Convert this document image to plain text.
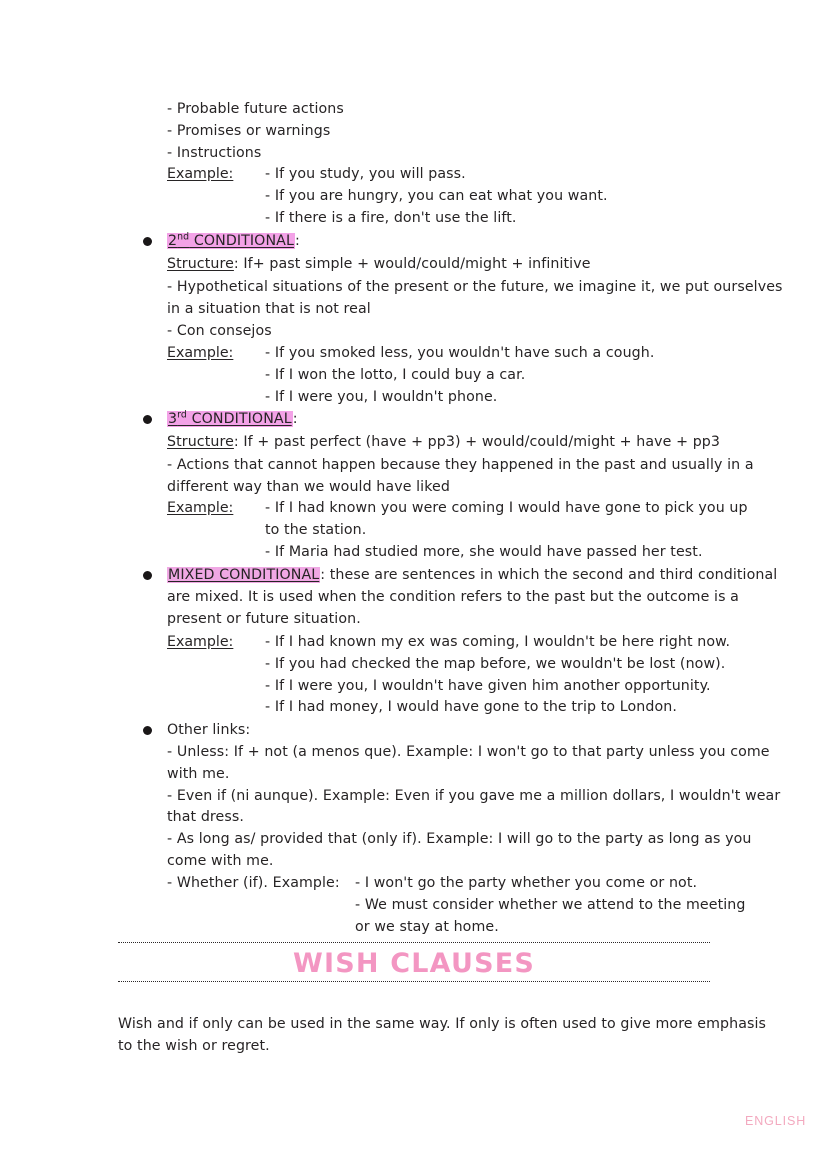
- Probable future actions
- Promises or warnings
- Instructions
Example: - If you study, you will pass.
- If you are hungry, you can eat what you want.
- If there is a fire, don't use the lift.
2nd CONDITIONAL:
Structure: If+ past simple + would/could/might + infinitive
- Hypothetical situations of the present or the future, we imagine it, we put ourselves
in a situation that is not real
- Con consejos
Example: - If you smoked less, you wouldn't have such a cough.
- If I won the lotto, I could buy a car.
- If I were you, I wouldn't phone.
3rd CONDITIONAL:
Structure: If + past perfect (have + pp3) + would/could/might + have + pp3
- Actions that cannot happen because they happened in the past and usually in a
different way than we would have liked
Example: - If I had known you were coming I would have gone to pick you up
to the station.
- If Maria had studied more, she would have passed her test.
MIXED CONDITIONAL: these are sentences in which the second and third conditional
are mixed. It is used when the condition refers to the past but the outcome is a
present or future situation.
Example: - If I had known my ex was coming, I wouldn't be here right now.
- If you had checked the map before, we wouldn't be lost (now).
- If I were you, I wouldn't have given him another opportunity.
- If I had money, I would have gone to the trip to London.
Other links:
- Unless: If + not (a menos que). Example: I won't go to that party unless you come
with me.
- Even if (ni aunque). Example: Even if you gave me a million dollars, I wouldn't wear
that dress.
- As long as/ provided that (only if). Example: I will go to the party as long as you
come with me.
- Whether (if). Example:	- I won't go the party whether you come or not.
- We must consider whether we attend to the meeting
or we stay at home.
WISH CLAUSES
Wish and if only can be used in the same way. If only is often used to give more emphasis
to the wish or regret.
ENGLISH
